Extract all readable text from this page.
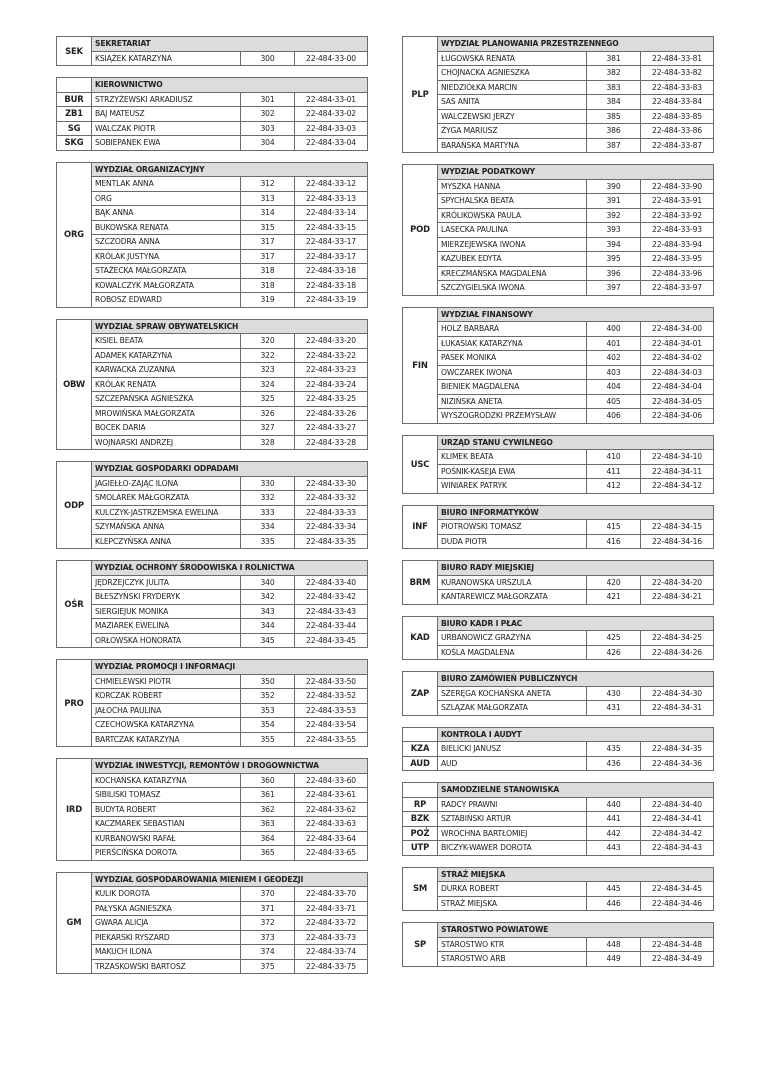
SEK	SEKRETARIAT		
	KSIĄŻEK KATARZYNA	300	22-484-33-00
	KIEROWNICTWO		
BUR	STRZYŻEWSKI ARKADIUSZ	301	22-484-33-01
ZB1	BAJ MATEUSZ	302	22-484-33-02
SG	WALCZAK PIOTR	303	22-484-33-03
SKG	SOBIEPANEK EWA	304	22-484-33-04
ORG	WYDZIAŁ ORGANIZACYJNY		
	MENTLAK ANNA	312	22-484-33-12
	ORG	313	22-484-33-13
	BĄK ANNA	314	22-484-33-14
	BUKOWSKA RENATA	315	22-484-33-15
	SZCZODRA ANNA	317	22-484-33-17
	KRÓLAK JUSTYNA	317	22-484-33-17
	STAŻECKA MAŁGORZATA	318	22-484-33-18
	KOWALCZYK MAŁGORZATA	318	22-484-33-18
	ROBOSZ EDWARD	319	22-484-33-19
OBW	WYDZIAŁ SPRAW OBYWATELSKICH		
	KISIEL BEATA	320	22-484-33-20
	ADAMEK KATARZYNA	322	22-484-33-22
	KARWACKA ZUZANNA	323	22-484-33-23
	KRÓLAK RENATA	324	22-484-33-24
	SZCZEPAŃSKA AGNIESZKA	325	22-484-33-25
	MROWIŃSKA MAŁGORZATA	326	22-484-33-26
	BOCEK DARIA	327	22-484-33-27
	WOJNARSKI ANDRZEJ	328	22-484-33-28
ODP	WYDZIAŁ GOSPODARKI ODPADAMI		
	JAGIEŁŁO-ZAJĄC ILONA	330	22-484-33-30
	SMOLAREK MAŁGORZATA	332	22-484-33-32
	KULCZYK-JASTRZEMSKA EWELINA	333	22-484-33-33
	SZYMAŃSKA ANNA	334	22-484-33-34
	KLEPCZYŃSKA ANNA	335	22-484-33-35
OŚR	WYDZIAŁ OCHRONY ŚRODOWISKA I ROLNICTWA		
	JĘDRZEJCZYK JULITA	340	22-484-33-40
	BŁESZYŃSKI FRYDERYK	342	22-484-33-42
	SIERGIEJUK MONIKA	343	22-484-33-43
	MAZIAREK EWELINA	344	22-484-33-44
	ORŁOWSKA HONORATA	345	22-484-33-45
PRO	WYDZIAŁ PROMOCJI I INFORMACJI		
	CHMIELEWSKI PIOTR	350	22-484-33-50
	KORCZAK ROBERT	352	22-484-33-52
	JAŁOCHA PAULINA	353	22-484-33-53
	CZECHOWSKA KATARZYNA	354	22-484-33-54
	BARTCZAK KATARZYNA	355	22-484-33-55
IRD	WYDZIAŁ INWESTYCJI, REMONTÓW I DROGOWNICTWA		
	KOCHAŃSKA KATARZYNA	360	22-484-33-60
	SIBILISKI TOMASZ	361	22-484-33-61
	BUDYTA ROBERT	362	22-484-33-62
	KACZMAREK SEBASTIAN	363	22-484-33-63
	KURBANOWSKI RAFAŁ	364	22-484-33-64
	PIERŚCIŃSKA DOROTA	365	22-484-33-65
GM	WYDZIAŁ GOSPODAROWANIA MIENIEM I GEODEZJI		
	KULIK DOROTA	370	22-484-33-70
	PAŁYSKA AGNIESZKA	371	22-484-33-71
	GWARA ALICJA	372	22-484-33-72
	PIEKARSKI RYSZARD	373	22-484-33-73
	MAKUCH ILONA	374	22-484-33-74
	TRZASKOWSKI BARTOSZ	375	22-484-33-75
PLP	WYDZIAŁ PLANOWANIA PRZESTRZENNEGO		
	ŁUGOWSKA RENATA	381	22-484-33-81
	CHOJNACKA AGNIESZKA	382	22-484-33-82
	NIEDZIÓŁKA MARCIN	383	22-484-33-83
	SAS ANITA	384	22-484-33-84
	WALCZEWSKI JERZY	385	22-484-33-85
	ŻYGA MARIUSZ	386	22-484-33-86
	BARAŃSKA MARTYNA	387	22-484-33-87
POD	WYDZIAŁ PODATKOWY		
	MYSZKA HANNA	390	22-484-33-90
	SPYCHALSKA BEATA	391	22-484-33-91
	KRÓLIKOWSKA PAULA	392	22-484-33-92
	LASECKA PAULINA	393	22-484-33-93
	MIERZEJEWSKA IWONA	394	22-484-33-94
	KAZUBEK EDYTA	395	22-484-33-95
	KRECZMAŃSKA MAGDALENA	396	22-484-33-96
	SZCZYGIELSKA IWONA	397	22-484-33-97
FIN	WYDZIAŁ FINANSOWY		
	HOLZ BARBARA	400	22-484-34-00
	ŁUKASIAK KATARZYNA	401	22-484-34-01
	PASEK MONIKA	402	22-484-34-02
	OWCZAREK IWONA	403	22-484-34-03
	BIENIEK MAGDALENA	404	22-484-34-04
	NIZIŃSKA ANETA	405	22-484-34-05
	WYSZOGRODZKI PRZEMYSŁAW	406	22-484-34-06
USC	URZĄD STANU CYWILNEGO		
	KLIMEK BEATA	410	22-484-34-10
	POŚNIK-KASEJA EWA	411	22-484-34-11
	WINIAREK PATRYK	412	22-484-34-12
INF	BIURO INFORMATYKÓW		
	PIOTROWSKI TOMASZ	415	22-484-34-15
	DUDA PIOTR	416	22-484-34-16
BRM	BIURO RADY MIEJSKIEJ		
	KURANOWSKA URSZULA	420	22-484-34-20
	KANTAREWICZ MAŁGORZATA	421	22-484-34-21
KAD	BIURO KADR I PŁAC		
	URBANOWICZ GRAŻYNA	425	22-484-34-25
	KOŚLA MAGDALENA	426	22-484-34-26
ZAP	BIURO ZAMÓWIEŃ PUBLICZNYCH		
	SZERĘGA KOCHAŃSKA ANETA	430	22-484-34-30
	SZLĄZAK MAŁGORZATA	431	22-484-34-31
	KONTROLA I AUDYT		
KZA	BIELICKI JANUSZ	435	22-484-34-35
AUD	AUD	436	22-484-34-36
	SAMODZIELNE STANOWISKA		
RP	RADCY PRAWNI	440	22-484-34-40
BZK	SZTABIŃSKI ARTUR	441	22-484-34-41
POŻ	WROCHNA BARTŁOMIEJ	442	22-484-34-42
UTP	BICZYK-WAWER DOROTA	443	22-484-34-43
SM	STRAŻ MIEJSKA		
	DURKA ROBERT	445	22-484-34-45
	STRAŻ MIEJSKA	446	22-484-34-46
SP	STAROSTWO POWIATOWE		
	STAROSTWO KTR	448	22-484-34-48
	STAROSTWO ARB	449	22-484-34-49
